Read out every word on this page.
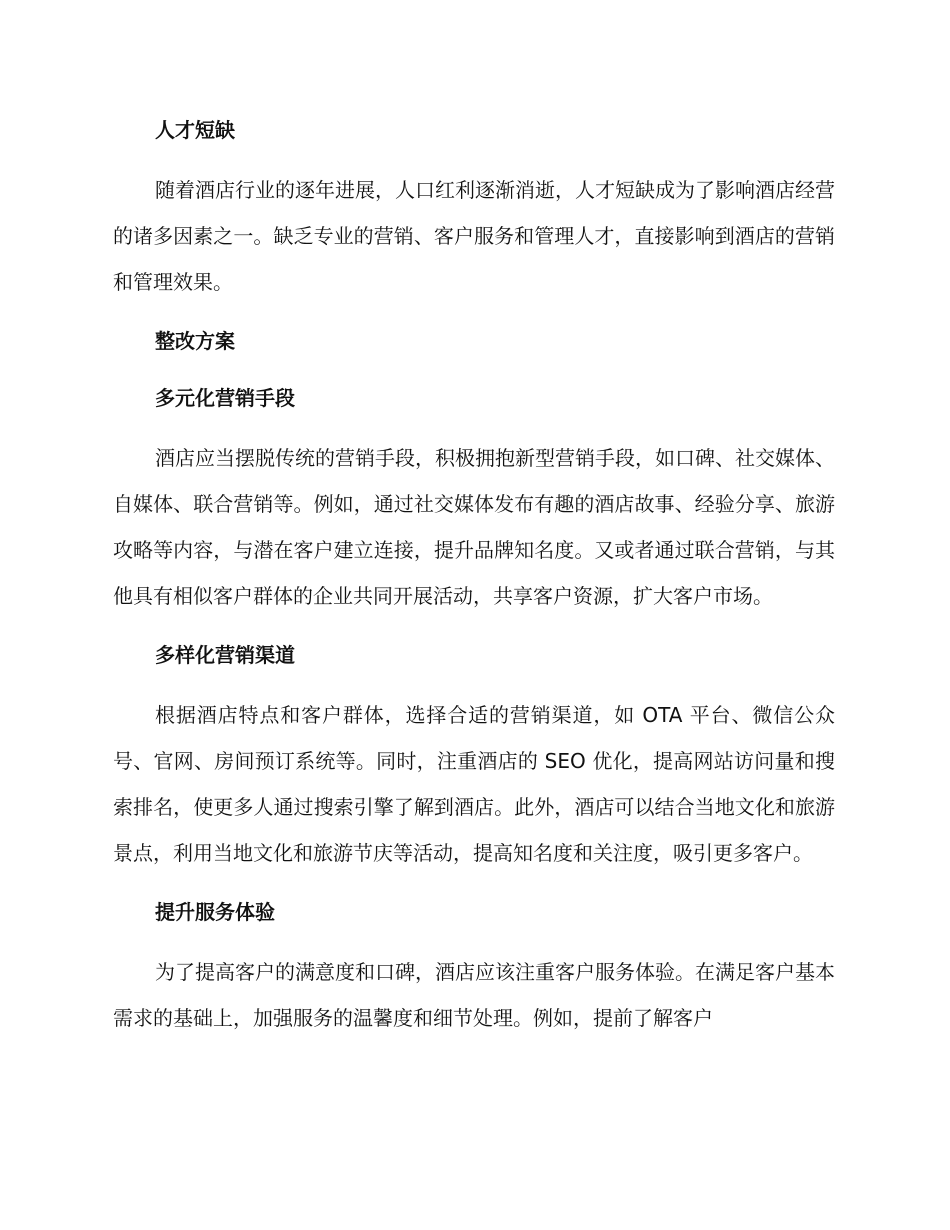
人才短缺
随着酒店行业的逐年进展，人口红利逐渐消逝，人才短缺成为了影响酒店经营的诸多因素之一。缺乏专业的营销、客户服务和管理人才，直接影响到酒店的营销和管理效果。
整改方案
多元化营销手段
酒店应当摆脱传统的营销手段，积极拥抱新型营销手段，如口碑、社交媒体、自媒体、联合营销等。例如，通过社交媒体发布有趣的酒店故事、经验分享、旅游攻略等内容，与潜在客户建立连接，提升品牌知名度。又或者通过联合营销，与其他具有相似客户群体的企业共同开展活动，共享客户资源，扩大客户市场。
多样化营销渠道
根据酒店特点和客户群体，选择合适的营销渠道，如 OTA 平台、微信公众号、官网、房间预订系统等。同时，注重酒店的 SEO 优化，提高网站访问量和搜索排名，使更多人通过搜索引擎了解到酒店。此外，酒店可以结合当地文化和旅游景点，利用当地文化和旅游节庆等活动，提高知名度和关注度，吸引更多客户。
提升服务体验
为了提高客户的满意度和口碑，酒店应该注重客户服务体验。在满足客户基本需求的基础上，加强服务的温馨度和细节处理。例如，提前了解客户
